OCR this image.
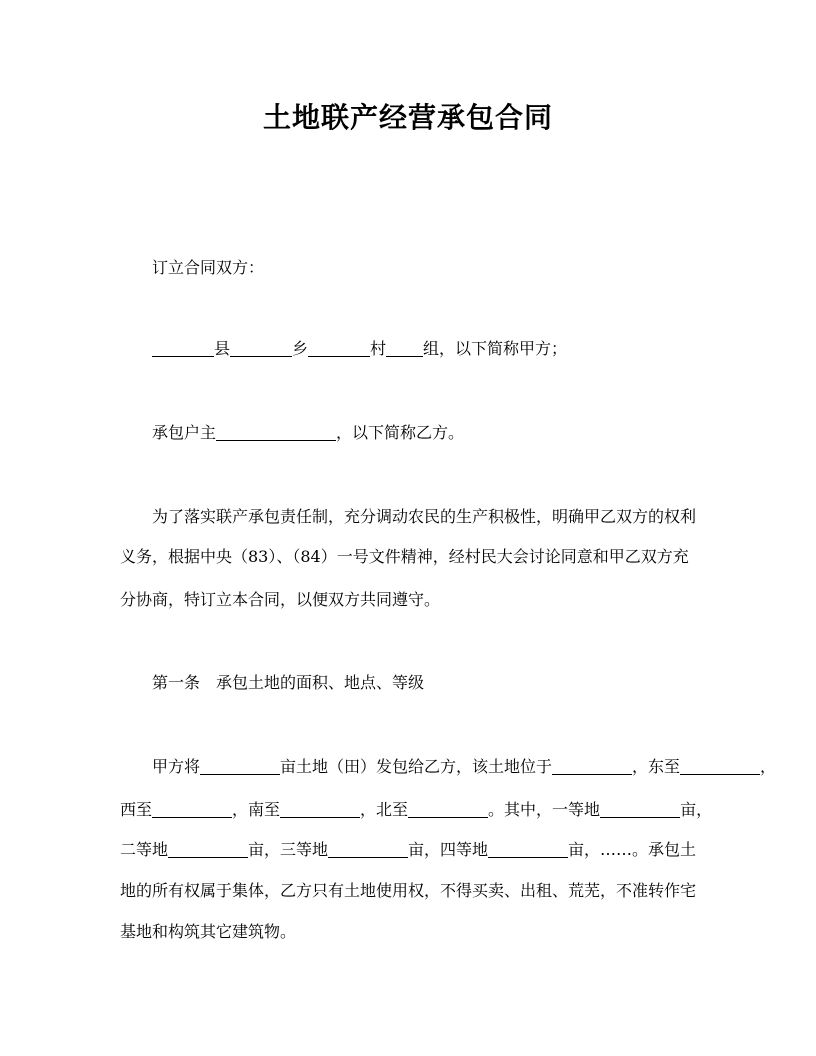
土地联产经营承包合同
订立合同双方：
县	乡	村 组，以下简称甲方；
承包户主	，以下简称乙方。
为了落实联产承包责任制，充分调动农民的生产积极性，明确甲乙双方的权利
义务，根据中央（83）、（84）一号文件精神，经村民大会讨论同意和甲乙双方充
分协商，特订立本合同，以便双方共同遵守。
第一条　承包土地的面积、地点、等级
甲方将	亩土地（田）发包给乙方，该土地位于	，东至	，
西至	，南至	，北至	。其中，一等地	亩，
二等地	亩，三等地	亩，四等地	亩，……。承包土
地的所有权属于集体，乙方只有土地使用权，不得买卖、出租、荒芜，不准转作宅
基地和构筑其它建筑物。
